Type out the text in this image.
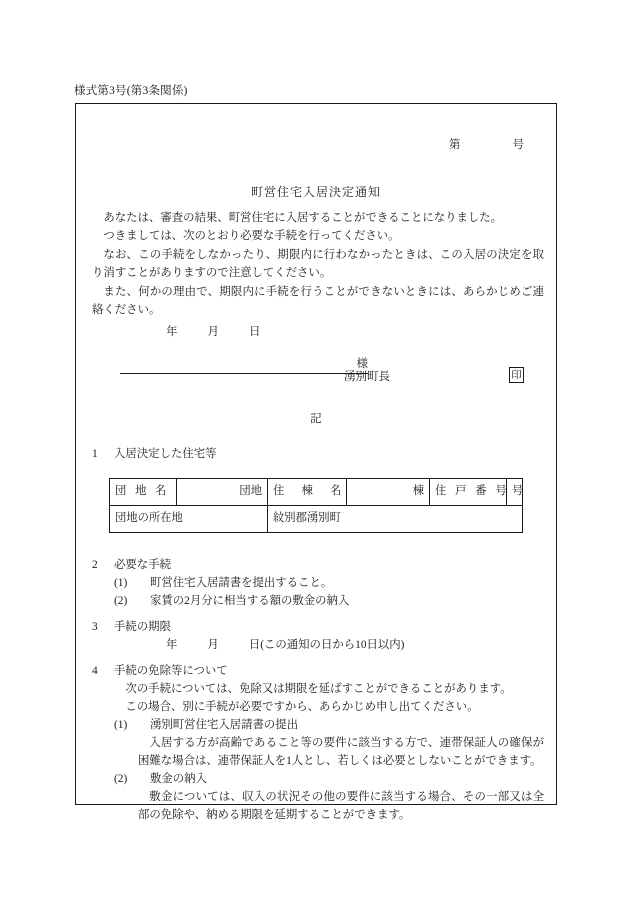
様式第3号(第3条関係)
第	号
町営住宅入居決定通知

あなたは、審査の結果、町営住宅に入居することができることになりました。

つきましては、次のとおり必要な手続を行ってください。

なお、この手続をしなかったり、期限内に行わなかったときは、この入居の決定を取り消すことがありますので注意してください。

また、何かの理由で、期限内に手続を行うことができないときには、あらかじめご連絡ください。

年	月	日
様
湧別町長	印
記
1 入居決定した住宅等
団 地 名	団地	住　棟　名	棟	住 戸 番 号	号
団地の所在地		紋別郡湧別町			
2 必要な手続
(1) 町営住宅入居請書を提出すること。
(2) 家賃の2月分に相当する額の敷金の納入
3 手続の期限
年	月	日(この通知の日から10日以内)
4 手続の免除等について
次の手続については、免除又は期限を延ばすことができることがあります。
この場合、別に手続が必要ですから、あらかじめ申し出てください。
(1) 湧別町営住宅入居請書の提出
入居する方が高齢であること等の要件に該当する方で、連帯保証人の確保が困難な場合は、連帯保証人を1人とし、若しくは必要としないことができます。
(2) 敷金の納入
敷金については、収入の状況その他の要件に該当する場合、その一部又は全部の免除や、納める期限を延期することができます。
